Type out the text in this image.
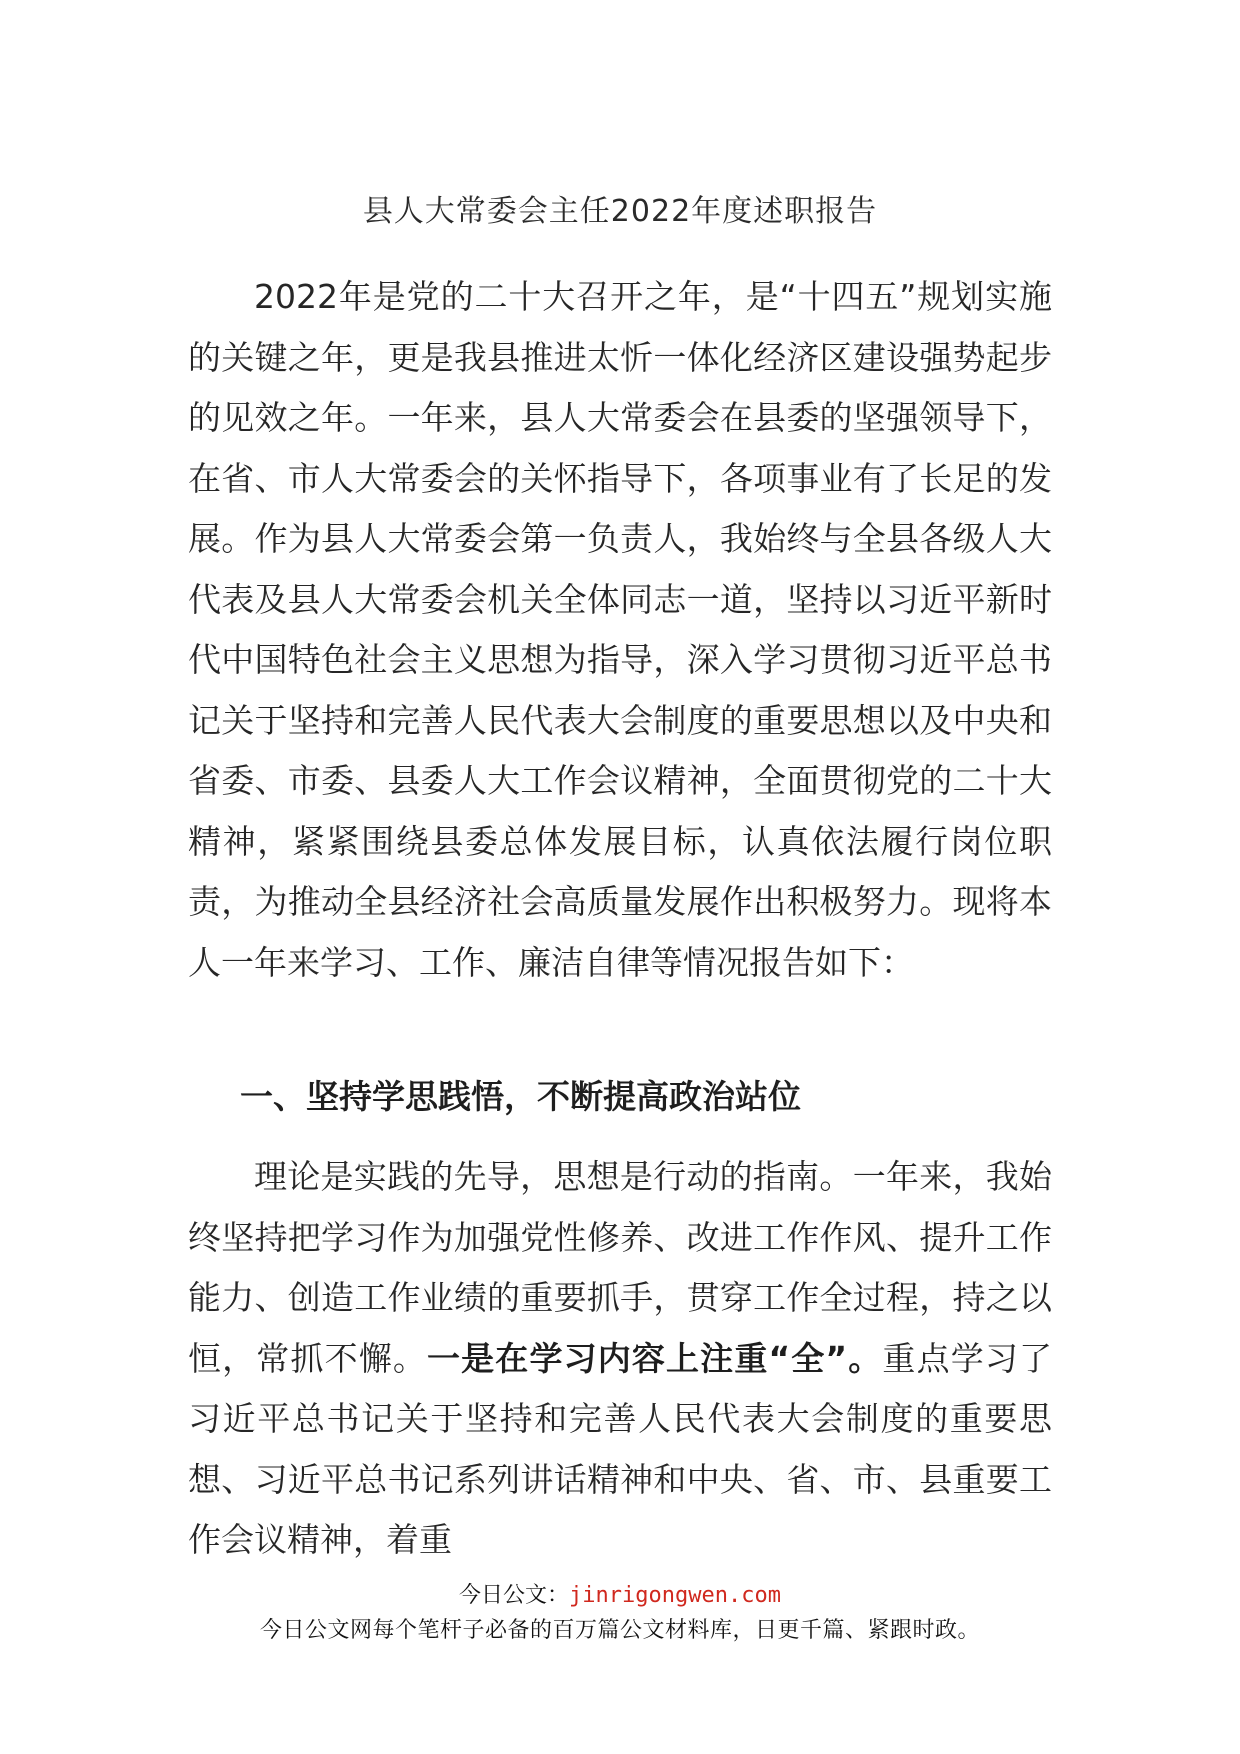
县人大常委会主任2022年度述职报告

2022年是党的二十大召开之年，是“十四五”规划实施的关键之年，更是我县推进太忻一体化经济区建设强势起步的见效之年。一年来，县人大常委会在县委的坚强领导下，在省、市人大常委会的关怀指导下，各项事业有了长足的发展。作为县人大常委会第一负责人，我始终与全县各级人大代表及县人大常委会机关全体同志一道，坚持以习近平新时代中国特色社会主义思想为指导，深入学习贯彻习近平总书记关于坚持和完善人民代表大会制度的重要思想以及中央和省委、市委、县委人大工作会议精神，全面贯彻党的二十大精神，紧紧围绕县委总体发展目标，认真依法履行岗位职责，为推动全县经济社会高质量发展作出积极努力。现将本人一年来学习、工作、廉洁自律等情况报告如下：

一、坚持学思践悟，不断提高政治站位

理论是实践的先导，思想是行动的指南。一年来，我始终坚持把学习作为加强党性修养、改进工作作风、提升工作能力、创造工作业绩的重要抓手，贯穿工作全过程，持之以恒，常抓不懈。一是在学习内容上注重“全”。重点学习了习近平总书记关于坚持和完善人民代表大会制度的重要思想、习近平总书记系列讲话精神和中央、省、市、县重要工作会议精神，着重

今日公文：jinrigongwen.com
今日公文网每个笔杆子必备的百万篇公文材料库，日更千篇、紧跟时政。
